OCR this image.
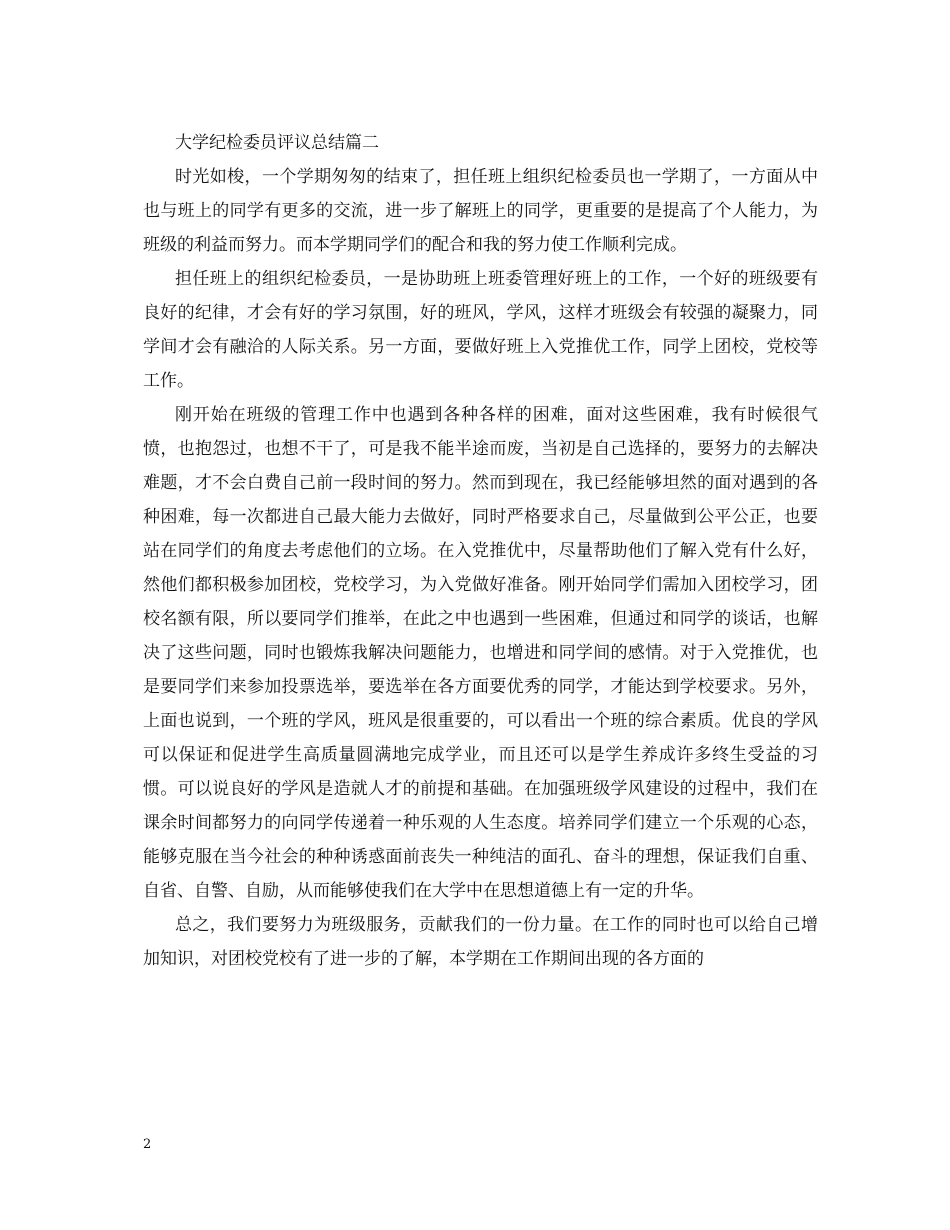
大学纪检委员评议总结篇二

时光如梭，一个学期匆匆的结束了，担任班上组织纪检委员也一学期了，一方面从中也与班上的同学有更多的交流，进一步了解班上的同学，更重要的是提高了个人能力，为班级的利益而努力。而本学期同学们的配合和我的努力使工作顺利完成。

担任班上的组织纪检委员，一是协助班上班委管理好班上的工作，一个好的班级要有良好的纪律，才会有好的学习氛围，好的班风，学风，这样才班级会有较强的凝聚力，同学间才会有融洽的人际关系。另一方面，要做好班上入党推优工作，同学上团校，党校等工作。

刚开始在班级的管理工作中也遇到各种各样的困难，面对这些困难，我有时候很气愤，也抱怨过，也想不干了，可是我不能半途而废，当初是自己选择的，要努力的去解决难题，才不会白费自己前一段时间的努力。然而到现在，我已经能够坦然的面对遇到的各种困难，每一次都进自己最大能力去做好，同时严格要求自己，尽量做到公平公正，也要站在同学们的角度去考虑他们的立场。在入党推优中，尽量帮助他们了解入党有什么好，然他们都积极参加团校，党校学习，为入党做好准备。刚开始同学们需加入团校学习，团校名额有限，所以要同学们推举，在此之中也遇到一些困难，但通过和同学的谈话，也解决了这些问题，同时也锻炼我解决问题能力，也增进和同学间的感情。对于入党推优，也是要同学们来参加投票选举，要选举在各方面要优秀的同学，才能达到学校要求。另外，上面也说到，一个班的学风，班风是很重要的，可以看出一个班的综合素质。优良的学风可以保证和促进学生高质量圆满地完成学业，而且还可以是学生养成许多终生受益的习惯。可以说良好的学风是造就人才的前提和基础。在加强班级学风建设的过程中，我们在课余时间都努力的向同学传递着一种乐观的人生态度。培养同学们建立一个乐观的心态，能够克服在当今社会的种种诱惑面前丧失一种纯洁的面孔、奋斗的理想，保证我们自重、自省、自警、自励，从而能够使我们在大学中在思想道德上有一定的升华。

总之，我们要努力为班级服务，贡献我们的一份力量。在工作的同时也可以给自己增加知识，对团校党校有了进一步的了解，本学期在工作期间出现的各方面的

2
